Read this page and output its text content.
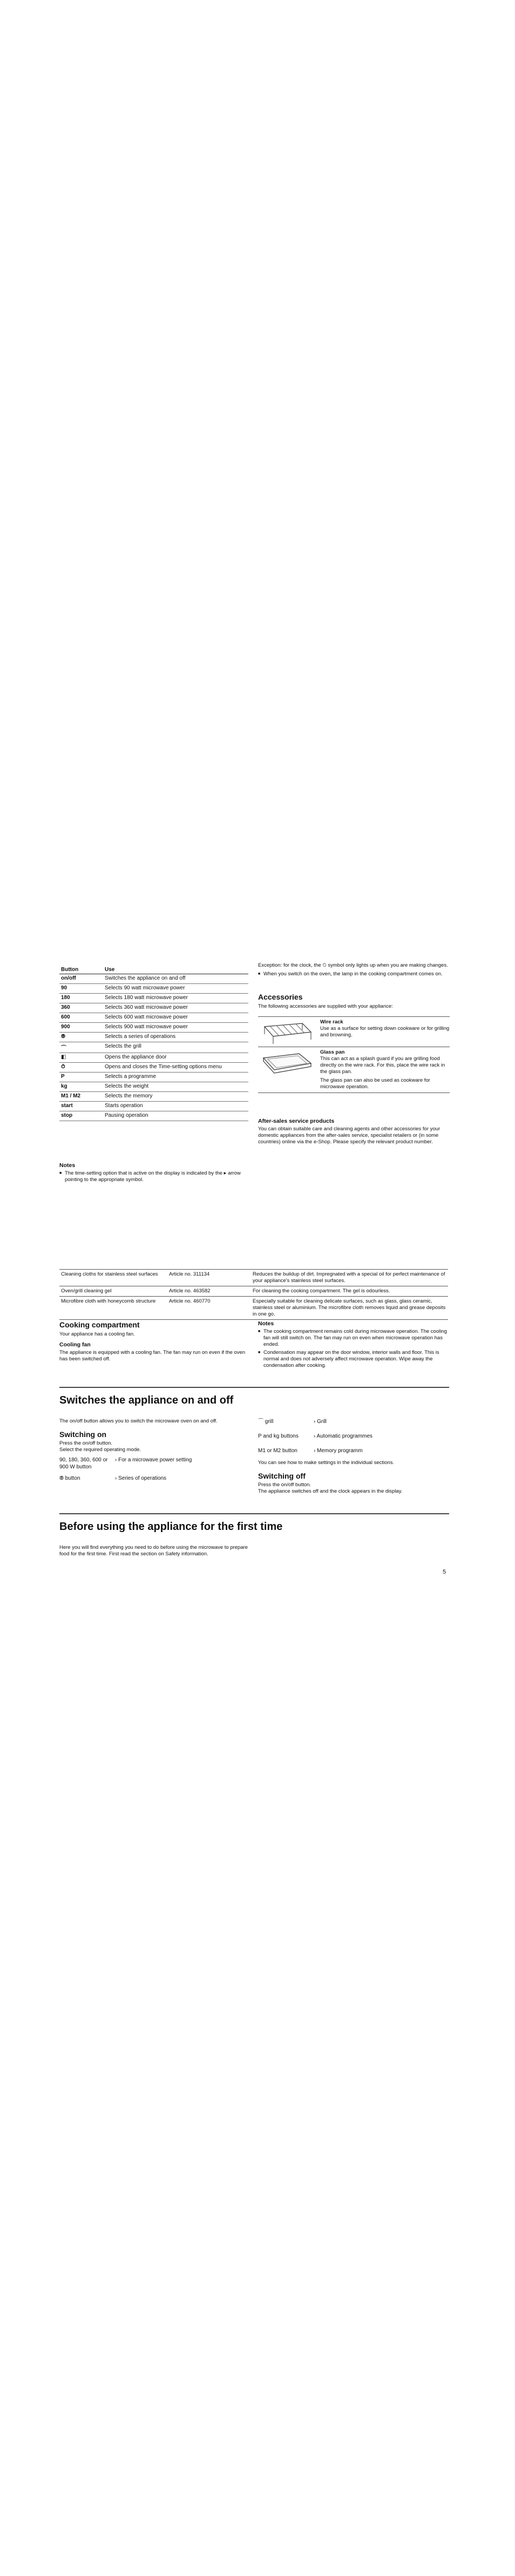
Button	Use
on/off	Switches the appliance on and off
90	Selects 90 watt microwave power
180	Selects 180 watt microwave power
360	Selects 360 watt microwave power
600	Selects 600 watt microwave power
900	Selects 900 watt microwave power
⦾	Selects a series of operations
⌒	Selects the grill
◧	Opens the appliance door
⏱	Opens and closes the Time-setting options menu
P	Selects a programme
kg	Selects the weight
M1 / M2	Selects the memory
start	Starts operation
stop	Pausing operation
Notes
■ The time-setting option that is active on the display is indicated by the ▸ arrow pointing to the appropriate symbol.
Exception: for the clock, the ⏲ symbol only lights up when you are making changes.
■ When you switch on the oven, the lamp in the cooking compartment comes on.
Accessories
The following accessories are supplied with your appliance:
Wire rack
Use as a surface for setting down cookware or for grilling and browning.
Glass pan
This can act as a splash guard if you are grilling food directly on the wire rack. For this, place the wire rack in the glass pan.
The glass pan can also be used as cookware for microwave operation.
After-sales service products
You can obtain suitable care and cleaning agents and other accessories for your domestic appliances from the after-sales service, specialist retailers or (in some countries) online via the e-Shop. Please specify the relevant product number.
Cleaning cloths for stainless steel surfaces	Article no. 311134	Reduces the buildup of dirt. Impregnated with a special oil for perfect maintenance of your appliance's stainless steel surfaces.
Oven/grill cleaning gel	Article no. 463582	For cleaning the cooking compartment. The gel is odourless.
Microfibre cloth with honeycomb structure	Article no. 460770	Especially suitable for cleaning delicate surfaces, such as glass, glass ceramic, stainless steel or aluminium. The microfibre cloth removes liquid and grease deposits in one go.
Cooking compartment
Your appliance has a cooling fan.
Cooling fan
The appliance is equipped with a cooling fan. The fan may run on even if the oven has been switched off.
Notes
■ The cooking compartment remains cold during microwave operation. The cooling fan will still switch on. The fan may run on even when microwave operation has ended.
■ Condensation may appear on the door window, interior walls and floor. This is normal and does not adversely affect microwave operation. Wipe away the condensation after cooking.
Switches the appliance on and off
The on/off button allows you to switch the microwave oven on and off.
Switching on
Press the on/off button.
Select the required operating mode.
90, 180, 360, 600 or 900 W button
› For a microwave power setting
⦾ button	› Series of operations
⌒ grill	› Grill
P and kg buttons	› Automatic programmes
M1 or M2 button	› Memory programm
You can see how to make settings in the individual sections.
Switching off
Press the on/off button.
The appliance switches off and the clock appears in the display.
Before using the appliance for the first time
Here you will find everything you need to do before using the microwave to prepare food for the first time. First read the section on Safety information.
5
